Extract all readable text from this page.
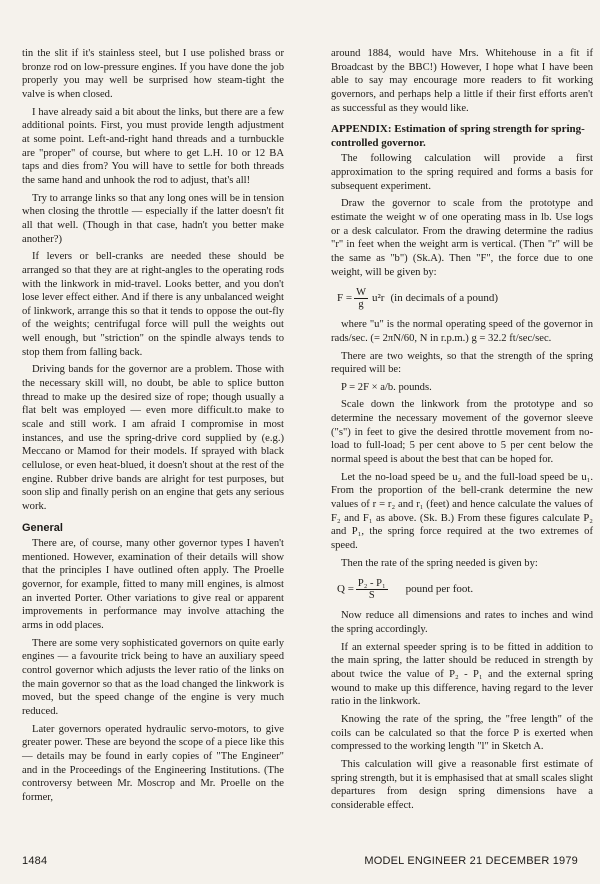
tin the slit if it's stainless steel, but I use polished brass or bronze rod on low-pressure engines. If you have done the job properly you may well be surprised how steam-tight the valve is when closed.

I have already said a bit about the links, but there are a few additional points. First, you must provide length adjustment at some point. Left-and-right hand threads and a turnbuckle are "proper" of course, but where to get L.H. 10 or 12 BA taps and dies from? You will have to settle for both threads the same hand and unhook the rod to adjust, that's all!

Try to arrange links so that any long ones will be in tension when closing the throttle — especially if the latter doesn't fit all that well. (Though in that case, hadn't you better make another?)

If levers or bell-cranks are needed these should be arranged so that they are at right-angles to the operating rods with the linkwork in mid-travel. Looks better, and you don't lose lever effect either. And if there is any unbalanced weight of linkwork, arrange this so that it tends to oppose the out-fly of the weights; centrifugal force will pull the weights out well enough, but "striction" on the spindle always tends to stop them from falling back.

Driving bands for the governor are a problem. Those with the necessary skill will, no doubt, be able to splice button thread to make up the desired size of rope; though usually a flat belt was employed — even more difficult.to make to scale and still work. I am afraid I compromise in most instances, and use the spring-drive cord supplied by (e.g.) Meccano or Mamod for their models. If sprayed with black cellulose, or even heat-blued, it doesn't shout at the rest of the engine. Rubber drive bands are alright for test purposes, but soon slip and finally perish on an engine that gets any serious work.

General

There are, of course, many other governor types I haven't mentioned. However, examination of their details will show that the principles I have outlined often apply. The Proelle governor, for example, fitted to many mill engines, is almost an inverted Porter. Other variations to give real or apparent improvements in performance may involve attaching the arms in odd places.

There are some very sophisticated governors on quite early engines — a favourite trick being to have an auxiliary speed control governor which adjusts the lever ratio of the links on the main governor so that as the load changed the linkwork is moved, but the speed change of the engine is very much reduced.

Later governors operated hydraulic servo-motors, to give greater power. These are beyond the scope of a piece like this — details may be found in early copies of "The Engineer" and in the Proceedings of the Engineering Institutions. (The controversy between Mr. Moscrop and Mr. Proelle on the former,

around 1884, would have Mrs. Whitehouse in a fit if Broadcast by the BBC!) However, I hope what I have been able to say may encourage more readers to fit working governors, and perhaps help a little if their first efforts aren't as successful as they would like.

APPENDIX: Estimation of spring strength for spring-controlled governor.

The following calculation will provide a first approximation to the spring required and forms a basis for subsequent experiment.

Draw the governor to scale from the prototype and estimate the weight w of one operating mass in lb. Use logs or a desk calculator. From the drawing determine the radius "r" in feet when the weight arm is vertical. (Then "r" will be the same as "b") (Sk.A). Then "F", the force due to one weight, will be given by:

$F = \frac{W}{g} u^2r$ (in decimals of a pound)

where "u" is the normal operating speed of the governor in rads/sec. (= 2πN/60, N in r.p.m.) g = 32.2 ft/sec/sec.

There are two weights, so that the strength of the spring required will be:

P = 2F × a/b. pounds.

Scale down the linkwork from the prototype and so determine the necessary movement of the governor sleeve ("s") in feet to give the desired throttle movement from no-load to full-load; 5 per cent above to 5 per cent below the normal speed is about the best that can be hoped for.

Let the no-load speed be u₂ and the full-load speed be u₁. From the proportion of the bell-crank determine the new values of r = r₂ and r₁ (feet) and hence calculate the values of F₂ and F₁ as above. (Sk. B.) From these figures calculate P₂ and P₁, the spring force required at the two extremes of speed.

Then the rate of the spring needed is given by:

$Q = \frac{\text{P₂ - P₁}}{S}$ pound per foot.

Now reduce all dimensions and rates to inches and wind the spring accordingly.

If an external speeder spring is to be fitted in addition to the main spring, the latter should be reduced in strength by about twice the value of P₂ - P₁ and the external spring wound to make up this difference, having regard to the lever ratio in the linkwork.

Knowing the rate of the spring, the "free length" of the coils can be calculated so that the force P is exerted when compressed to the working length "l" in Sketch A.

This calculation will give a reasonable first estimate of spring strength, but it is emphasised that at small scales slight departures from design spring dimensions have a considerable effect.

1484	MODEL ENGINEER 21 DECEMBER 1979
